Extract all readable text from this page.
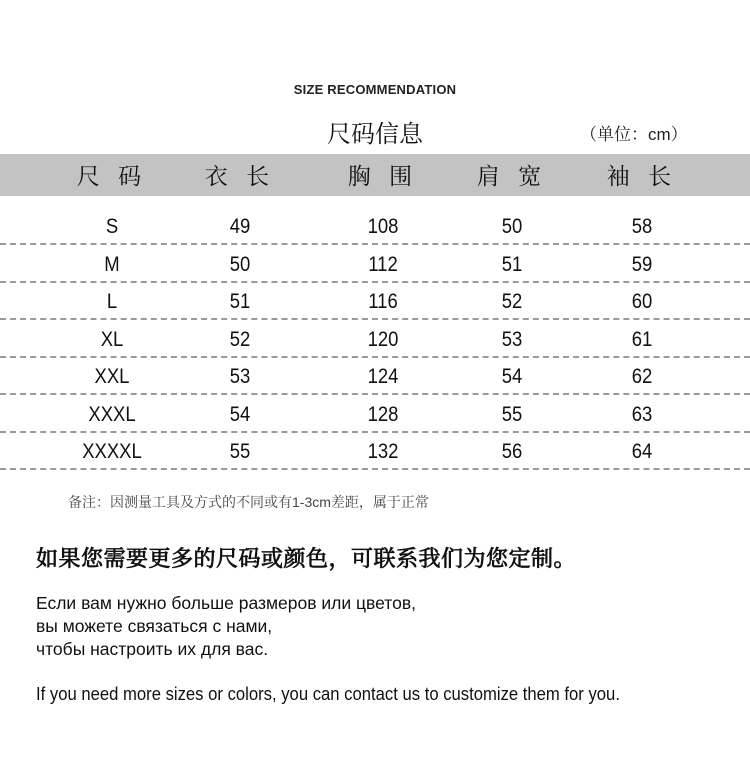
SIZE RECOMMENDATION
尺码信息	（单位：cm）
尺 码	衣 长	胸 围	肩 宽	袖 长
S	49	108	50	58
M	50	112	51	59
L	51	116	52	60
XL	52	120	53	61
XXL	53	124	54	62
XXXL	54	128	55	63
XXXXL	55	132	56	64
备注：因测量工具及方式的不同或有1-3cm差距，属于正常
如果您需要更多的尺码或颜色，可联系我们为您定制。
Если вам нужно больше размеров или цветов,
вы можете связаться с нами,
чтобы настроить их для вас.
If you need more sizes or colors, you can contact us to customize them for you.
